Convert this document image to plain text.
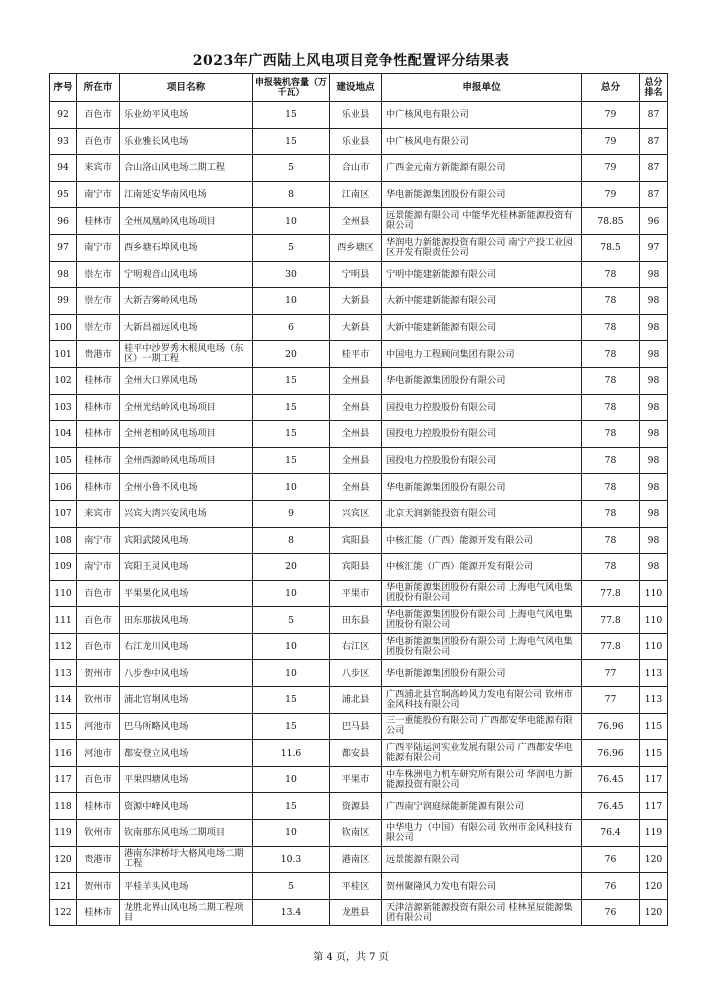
2023年广西陆上风电项目竞争性配置评分结果表
序号	所在市	项目名称	申报装机容量（万千瓦）	建设地点	申报单位	总分	总分排名
92	百色市	乐业幼平风电场	15	乐业县	中广核风电有限公司	79	87
93	百色市	乐业雅长风电场	15	乐业县	中广核风电有限公司	79	87
94	来宾市	合山洛山风电场二期工程	5	合山市	广西金元南方新能源有限公司	79	87
95	南宁市	江南延安华南风电场	8	江南区	华电新能源集团股份有限公司	79	87
96	桂林市	全州凤凰岭风电场项目	10	全州县	远景能源有限公司 中能华光桂林新能源投资有限公司	78.85	96
97	南宁市	西乡塘石埠风电场	5	西乡塘区	华润电力新能源投资有限公司 南宁产投工业园区开发有限责任公司	78.5	97
98	崇左市	宁明观音山风电场	30	宁明县	宁明中能建新能源有限公司	78	98
99	崇左市	大新吉雾岭风电场	10	大新县	大新中能建新能源有限公司	78	98
100	崇左市	大新昌福远风电场	6	大新县	大新中能建新能源有限公司	78	98
101	贵港市	桂平中沙罗秀木根风电场（东区）一期工程	20	桂平市	中国电力工程顾问集团有限公司	78	98
102	桂林市	全州大口界风电场	15	全州县	华电新能源集团股份有限公司	78	98
103	桂林市	全州光结岭风电场项目	15	全州县	国投电力控股股份有限公司	78	98
104	桂林市	全州老相岭风电场项目	15	全州县	国投电力控股股份有限公司	78	98
105	桂林市	全州西源岭风电场项目	15	全州县	国投电力控股股份有限公司	78	98
106	桂林市	全州小鲁不风电场	10	全州县	华电新能源集团股份有限公司	78	98
107	来宾市	兴宾大湾兴安风电场	9	兴宾区	北京天润新能投资有限公司	78	98
108	南宁市	宾阳武陵风电场	8	宾阳县	中核汇能（广西）能源开发有限公司	78	98
109	南宁市	宾阳王灵风电场	20	宾阳县	中核汇能（广西）能源开发有限公司	78	98
110	百色市	平果果化风电场	10	平果市	华电新能源集团股份有限公司 上海电气风电集团股份有限公司	77.8	110
111	百色市	田东那拔风电场	5	田东县	华电新能源集团股份有限公司 上海电气风电集团股份有限公司	77.8	110
112	百色市	右江龙川风电场	10	右江区	华电新能源集团股份有限公司 上海电气风电集团股份有限公司	77.8	110
113	贺州市	八步巻中风电场	10	八步区	华电新能源集团股份有限公司	77	113
114	钦州市	浦北官垌风电场	15	浦北县	广西浦北县官垌高岭风力发电有限公司 钦州市金风科技有限公司	77	113
115	河池市	巴马所略风电场	15	巴马县	三一重能股份有限公司 广西都安华电能源有限公司	76.96	115
116	河池市	都安登立风电场	11.6	都安县	广西平陆运河实业发展有限公司 广西都安华电能源有限公司	76.96	115
117	百色市	平果四塘风电场	10	平果市	中车株洲电力机车研究所有限公司 华润电力新能源投资有限公司	76.45	117
118	桂林市	资源中峰风电场	15	资源县	广西南宁润庭绿能新能源有限公司	76.45	117
119	钦州市	钦南那东风电场二期项目	10	钦南区	中华电力（中国）有限公司 钦州市金风科技有限公司	76.4	119
120	贵港市	港南东津桥圩大格风电场二期工程	10.3	港南区	远景能源有限公司	76	120
121	贺州市	平桂羊头风电场	5	平桂区	贺州聚隆风力发电有限公司	76	120
122	桂林市	龙胜北界山风电场二期工程项目	13.4	龙胜县	天津洁源新能源投资有限公司 桂林星辰能源集团有限公司	76	120
第 4 页，共 7 页
